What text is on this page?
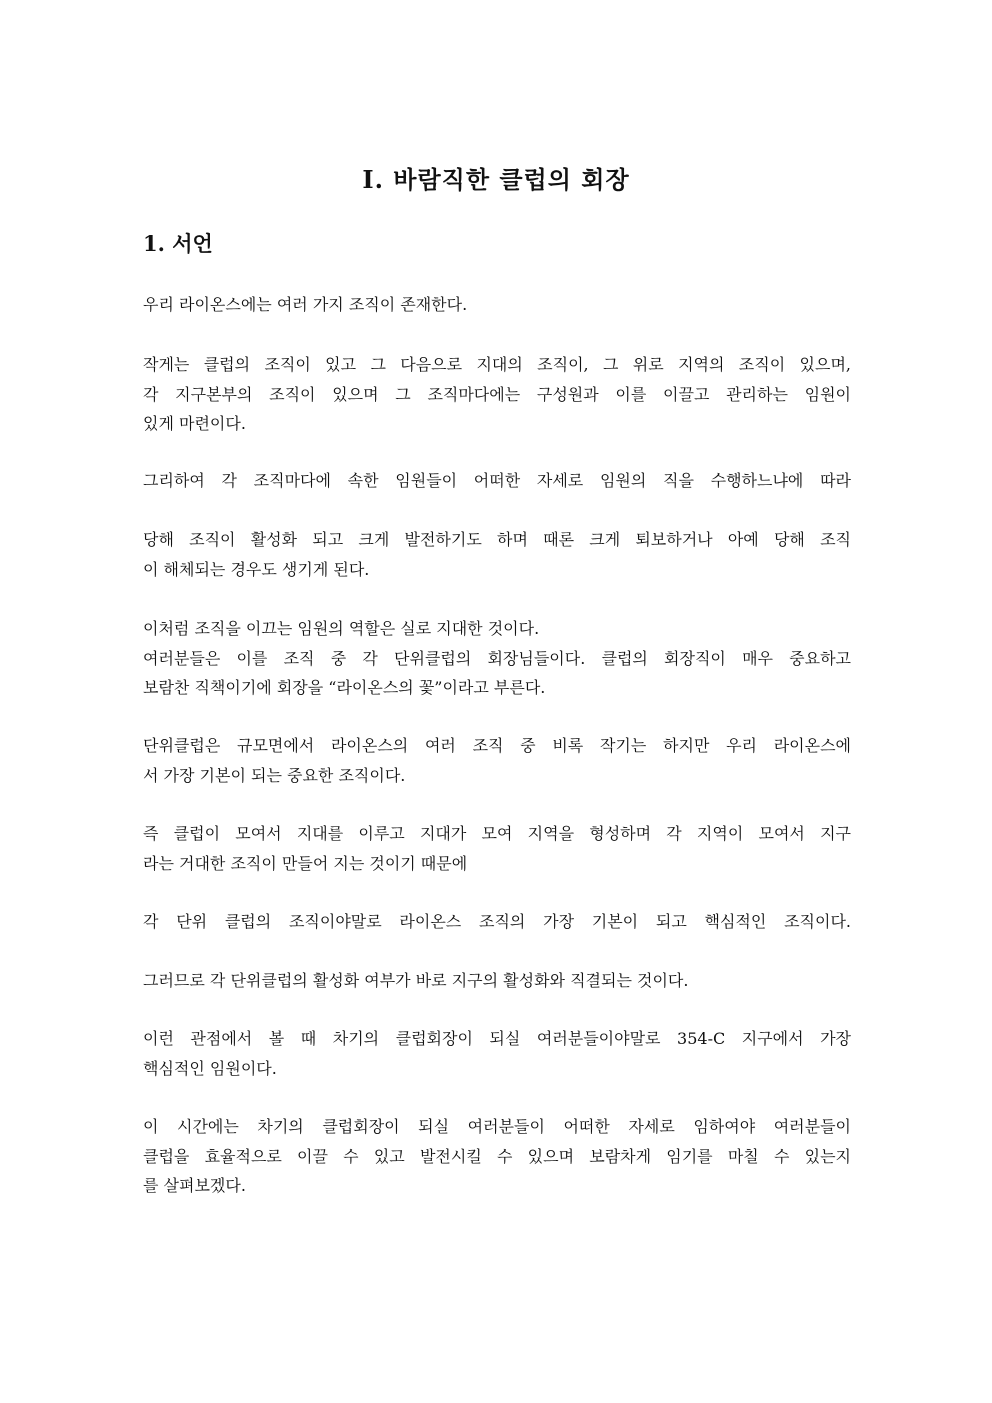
Ⅰ. 바람직한 클럽의 회장
1. 서언

우리 라이온스에는 여러 가지 조직이 존재한다.

작게는 클럽의 조직이 있고 그 다음으로 지대의 조직이, 그 위로 지역의 조직이 있으며,
각 지구본부의 조직이 있으며 그 조직마다에는 구성원과 이를 이끌고 관리하는 임원이
있게 마련이다.

그리하여 각 조직마다에 속한 임원들이 어떠한 자세로 임원의 직을 수행하느냐에 따라

당해 조직이 활성화 되고 크게 발전하기도 하며 때론 크게 퇴보하거나 아예 당해 조직
이 해체되는 경우도 생기게 된다.

이처럼 조직을 이끄는 임원의 역할은 실로 지대한 것이다.
여러분들은 이를 조직 중 각 단위클럽의 회장님들이다. 클럽의 회장직이 매우 중요하고
보람찬 직책이기에 회장을 “라이온스의 꽃”이라고 부른다.

단위클럽은 규모면에서 라이온스의 여러 조직 중 비록 작기는 하지만 우리 라이온스에
서 가장 기본이 되는 중요한 조직이다.

즉 클럽이 모여서 지대를 이루고 지대가 모여 지역을 형성하며 각 지역이 모여서 지구
라는 거대한 조직이 만들어 지는 것이기 때문에

각 단위 클럽의 조직이야말로 라이온스 조직의 가장 기본이 되고 핵심적인 조직이다.

그러므로 각 단위클럽의 활성화 여부가 바로 지구의 활성화와 직결되는 것이다.

이런 관점에서 볼 때 차기의 클럽회장이 되실 여러분들이야말로 354-C 지구에서 가장
핵심적인 임원이다.

이 시간에는 차기의 클럽회장이 되실 여러분들이 어떠한 자세로 임하여야 여러분들이
클럽을 효율적으로 이끌 수 있고 발전시킬 수 있으며 보람차게 임기를 마칠 수 있는지
를 살펴보겠다.
